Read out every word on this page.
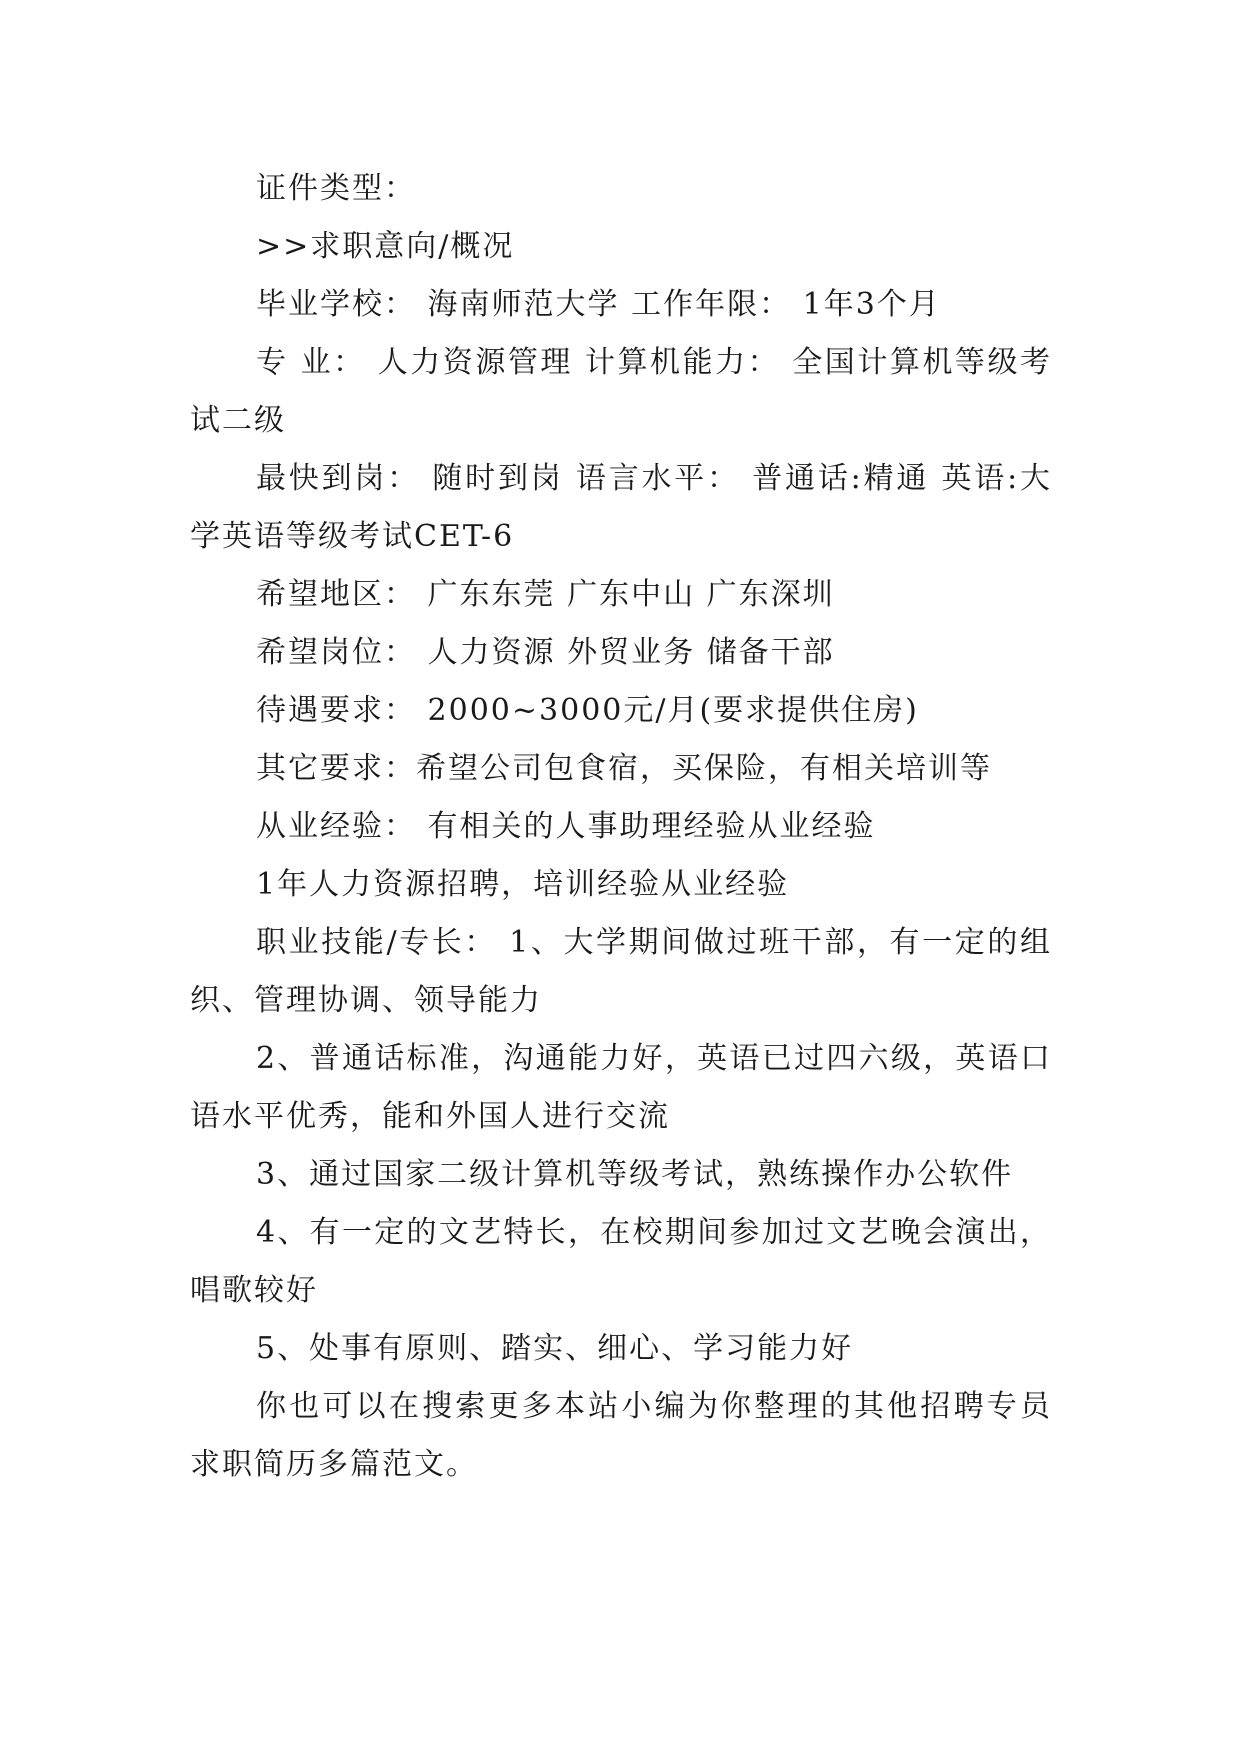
证件类型：

>>求职意向/概况

毕业学校： 海南师范大学 工作年限： 1年3个月

专 业： 人力资源管理 计算机能力： 全国计算机等级考试二级

最快到岗： 随时到岗 语言水平： 普通话:精通 英语:大学英语等级考试CET-6

希望地区： 广东东莞 广东中山 广东深圳

希望岗位： 人力资源 外贸业务 储备干部

待遇要求： 2000~3000元/月(要求提供住房)

其它要求：希望公司包食宿，买保险，有相关培训等

从业经验： 有相关的人事助理经验从业经验

1年人力资源招聘，培训经验从业经验

职业技能/专长： 1、大学期间做过班干部，有一定的组织、管理协调、领导能力

2、普通话标准，沟通能力好，英语已过四六级，英语口语水平优秀，能和外国人进行交流

3、通过国家二级计算机等级考试，熟练操作办公软件

4、有一定的文艺特长，在校期间参加过文艺晚会演出，唱歌较好

5、处事有原则、踏实、细心、学习能力好

你也可以在搜索更多本站小编为你整理的其他招聘专员求职简历多篇范文。
